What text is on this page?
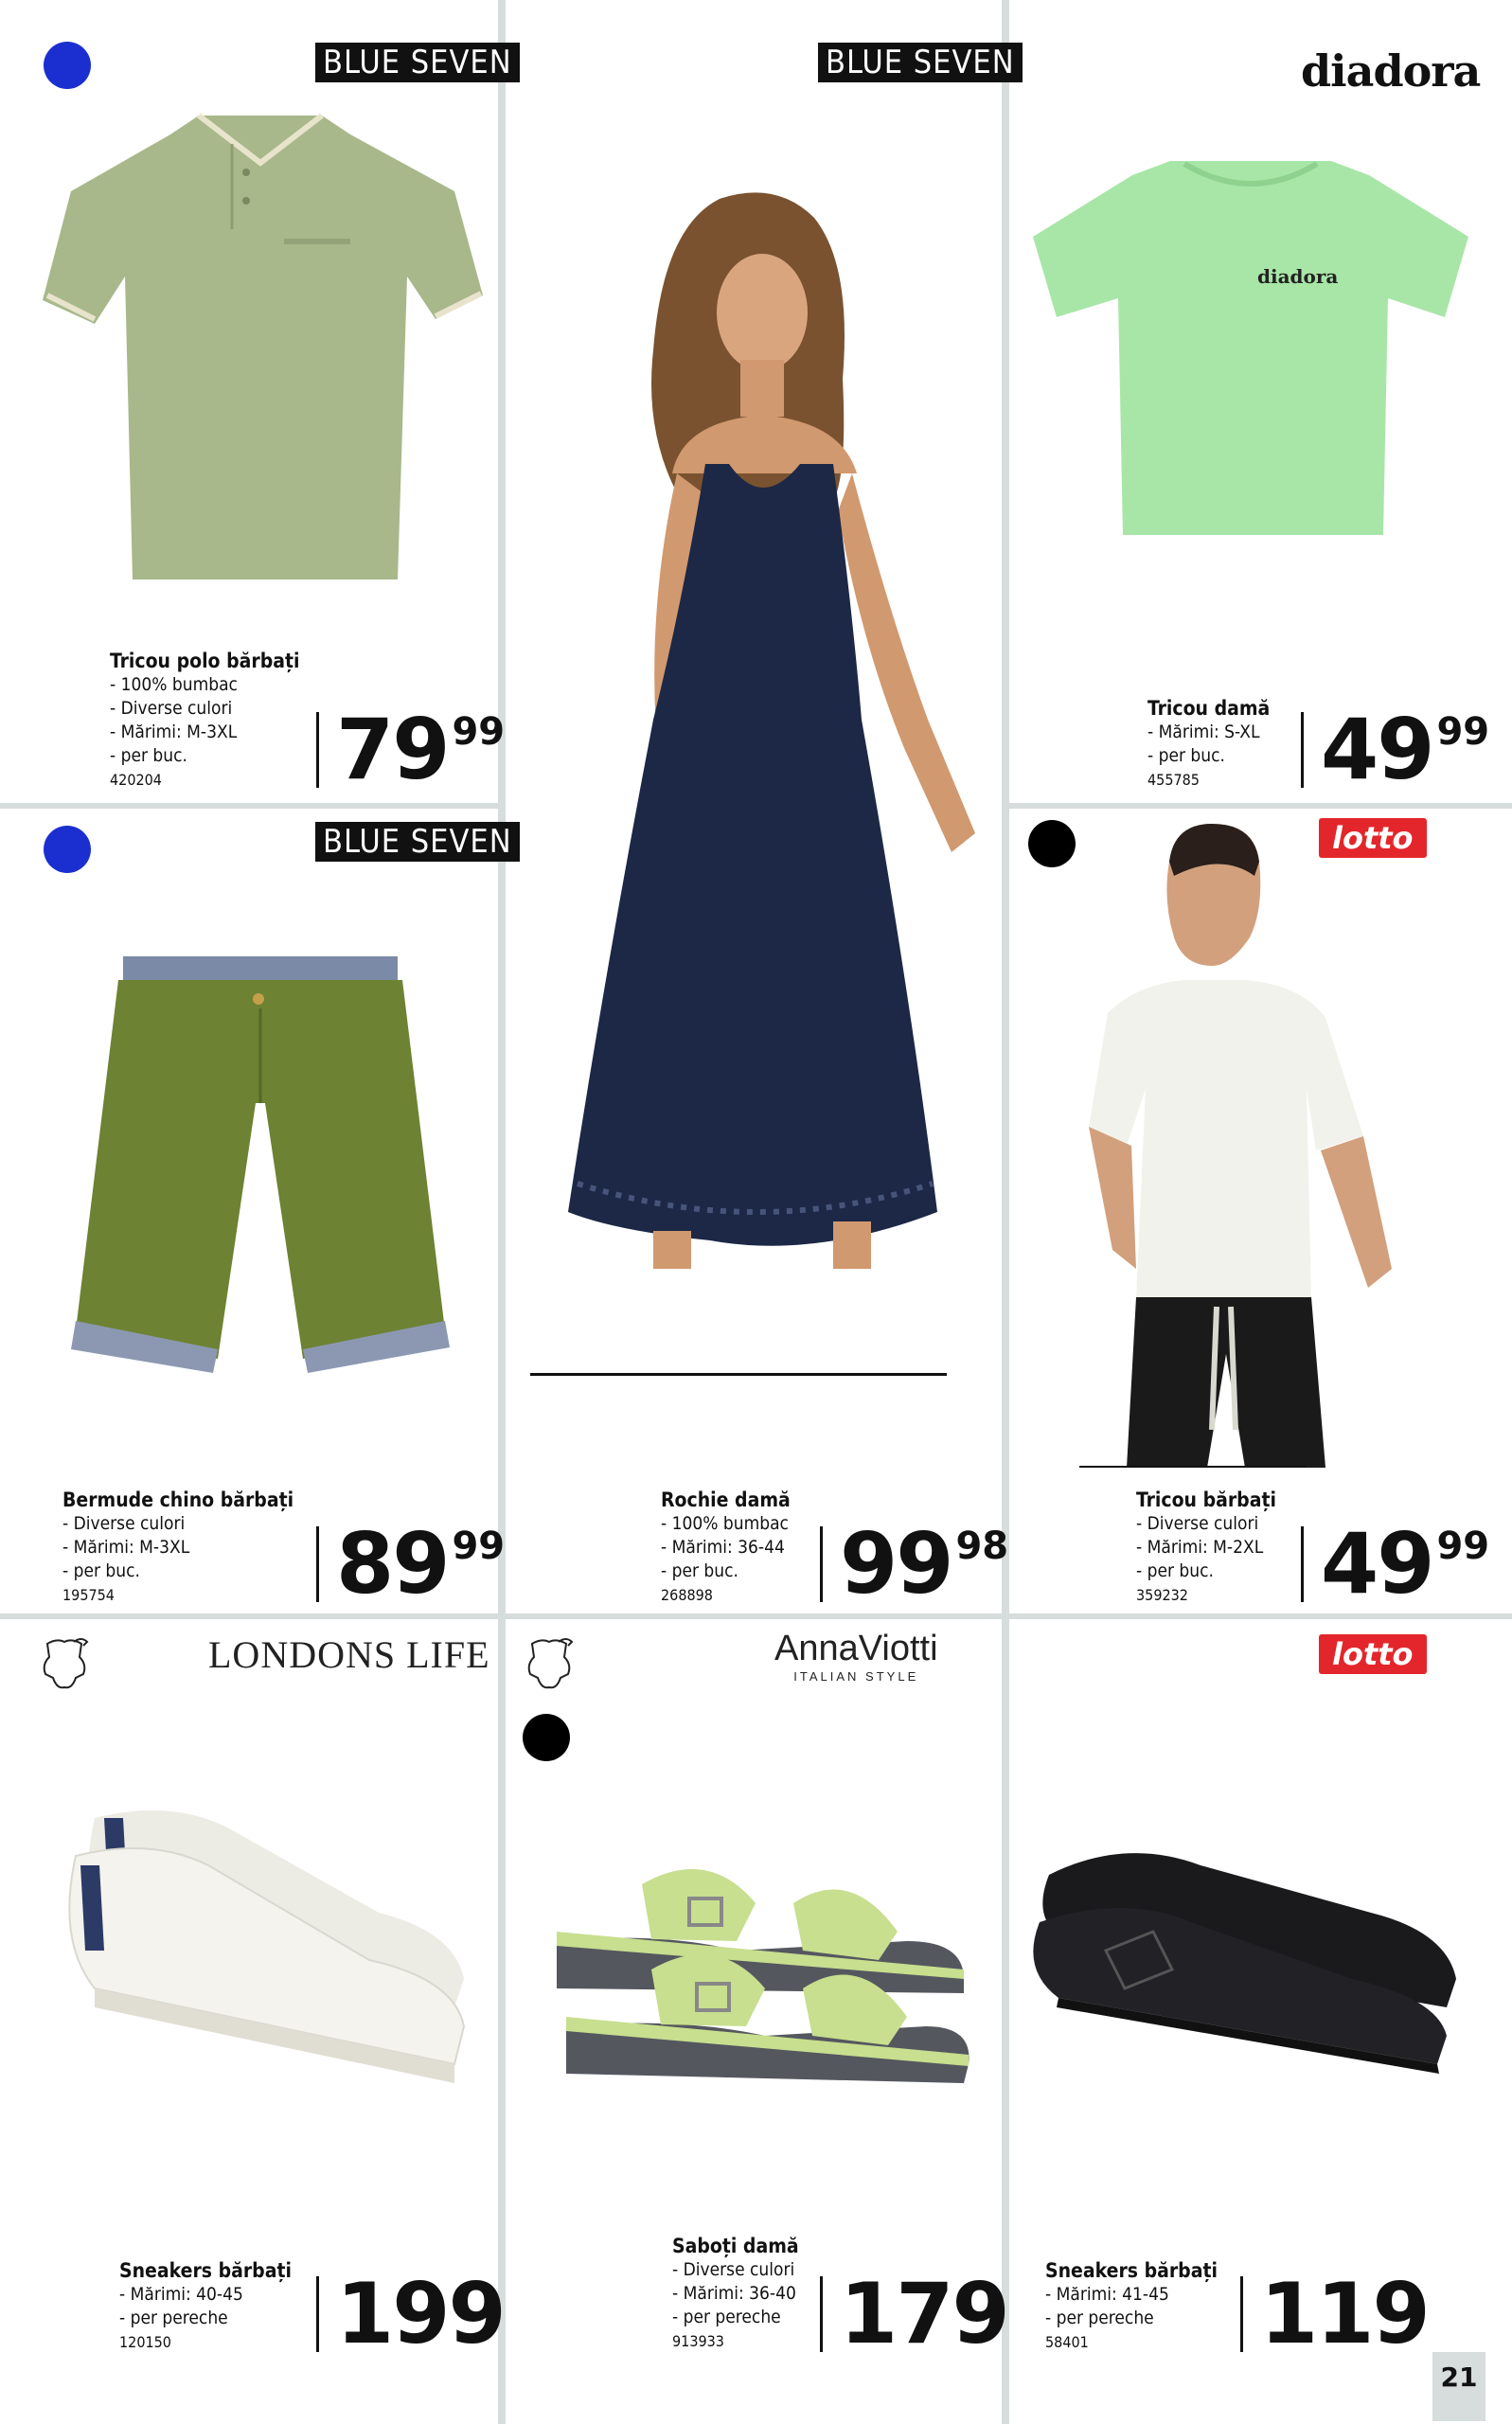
BLUE SEVEN
Tricou polo bărbați
- 100% bumbac
- Diverse culori
- Mărimi: M-3XL
- per buc.
420204	79 99
diadora
diadora
Tricou damă
- Mărimi: S-XL
- per buc.
455785	49 99
BLUE SEVEN
Rochie damă
- 100% bumbac
- Mărimi: 36-44
- per buc.
268898	99 98
BLUE SEVEN
Bermude chino bărbați
- Diverse culori
- Mărimi: M-3XL
- per buc.
195754	89 99
lotto
Tricou bărbați
- Diverse culori
- Mărimi: M-2XL
- per buc.
359232	49 99
LONDONS LIFE	AnnaViotti
ITALIAN STYLE
lotto
Sneakers bărbați
- Mărimi: 40-45
- per pereche
120150	199
Saboți damă
- Diverse culori
- Mărimi: 36-40
- per pereche
913933	179 Sneakers bărbați
- Mărimi: 41-45
- per pereche
58401	119
21
